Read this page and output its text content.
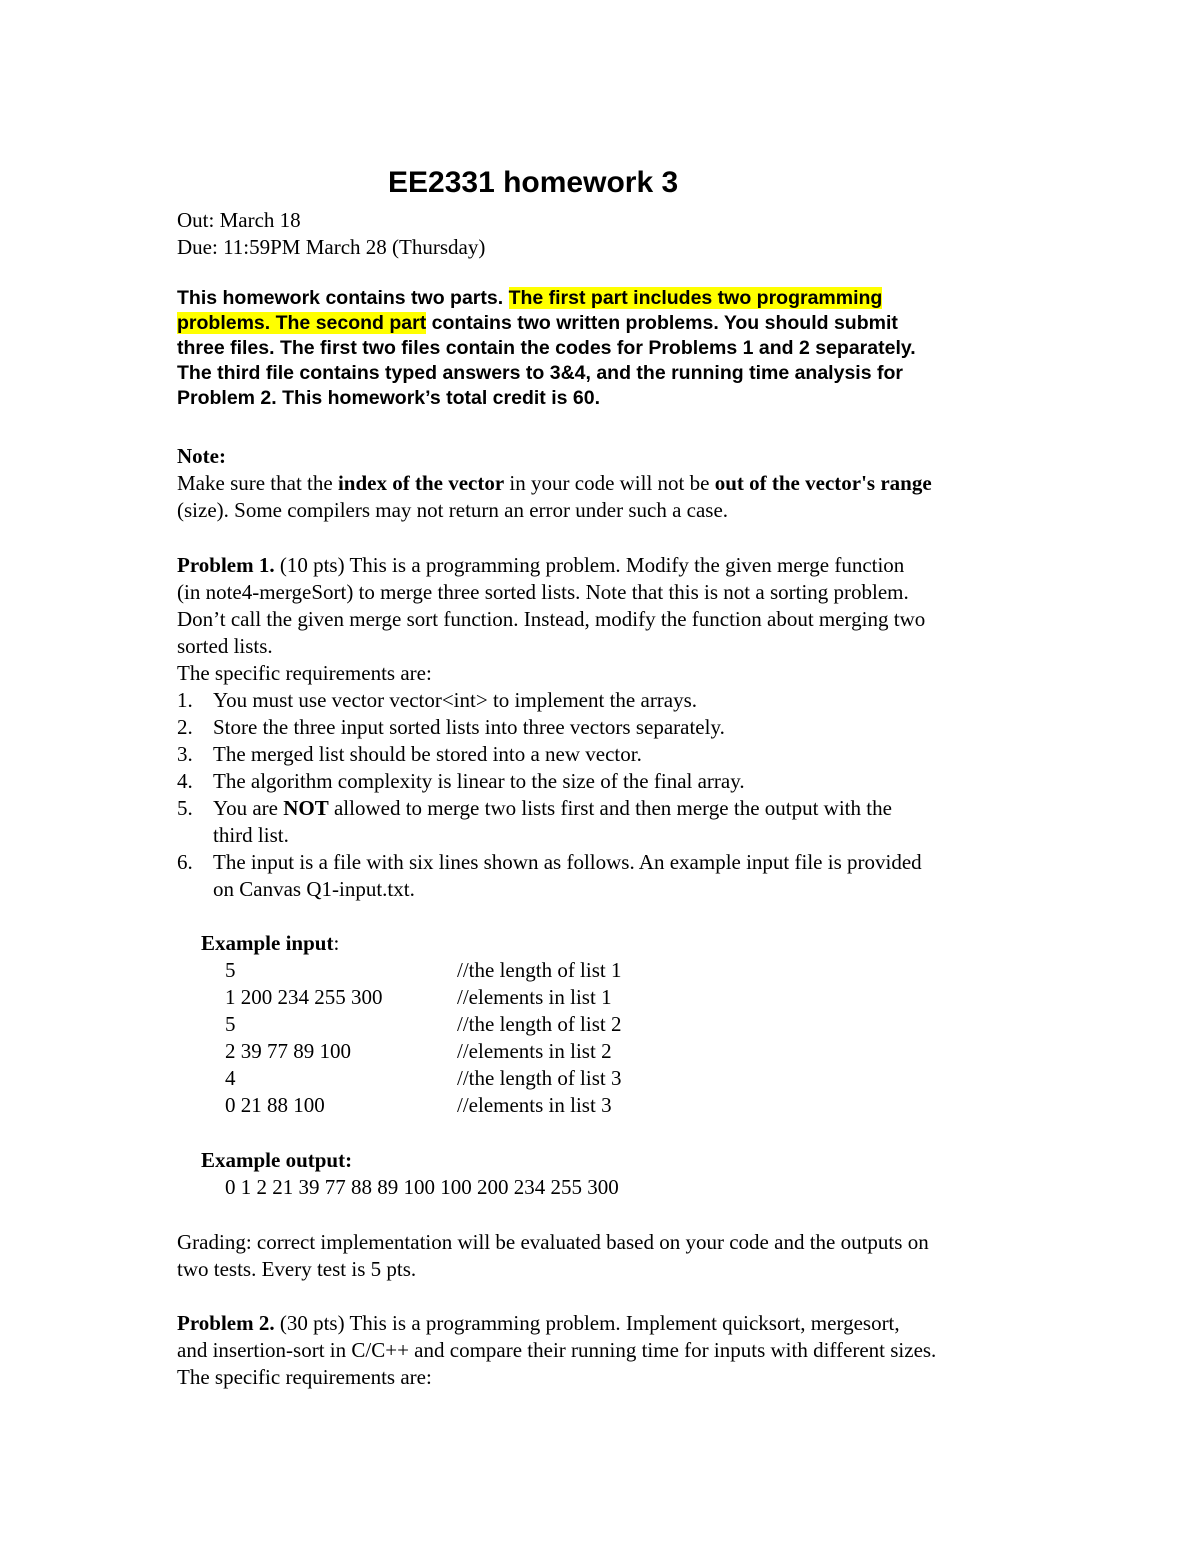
EE2331 homework 3
Out: March 18
Due: 11:59PM March 28 (Thursday)
This homework contains two parts. The first part includes two programming
problems. The second part contains two written problems. You should submit
three files. The first two files contain the codes for Problems 1 and 2 separately.
The third file contains typed answers to 3&4, and the running time analysis for
Problem 2. This homework’s total credit is 60.
Note:
Make sure that the index of the vector in your code will not be out of the vector's range
(size). Some compilers may not return an error under such a case.
Problem 1. (10 pts) This is a programming problem. Modify the given merge function
(in note4-mergeSort) to merge three sorted lists. Note that this is not a sorting problem.
Don’t call the given merge sort function. Instead, modify the function about merging two
sorted lists.
The specific requirements are:
1. You must use vector vector<int> to implement the arrays.
2. Store the three input sorted lists into three vectors separately.
3. The merged list should be stored into a new vector.
4. The algorithm complexity is linear to the size of the final array.
5. You are NOT allowed to merge two lists first and then merge the output with the
third list.
6. The input is a file with six lines shown as follows. An example input file is provided
on Canvas Q1-input.txt.
Example input:
5	//the length of list 1
1 200 234 255 300	//elements in list 1
5	//the length of list 2
2 39 77 89 100	//elements in list 2
4	//the length of list 3
0 21 88 100	//elements in list 3
Example output:
0 1 2 21 39 77 88 89 100 100 200 234 255 300
Grading: correct implementation will be evaluated based on your code and the outputs on
two tests. Every test is 5 pts.
Problem 2. (30 pts) This is a programming problem. Implement quicksort, mergesort,
and insertion-sort in C/C++ and compare their running time for inputs with different sizes.
The specific requirements are:
